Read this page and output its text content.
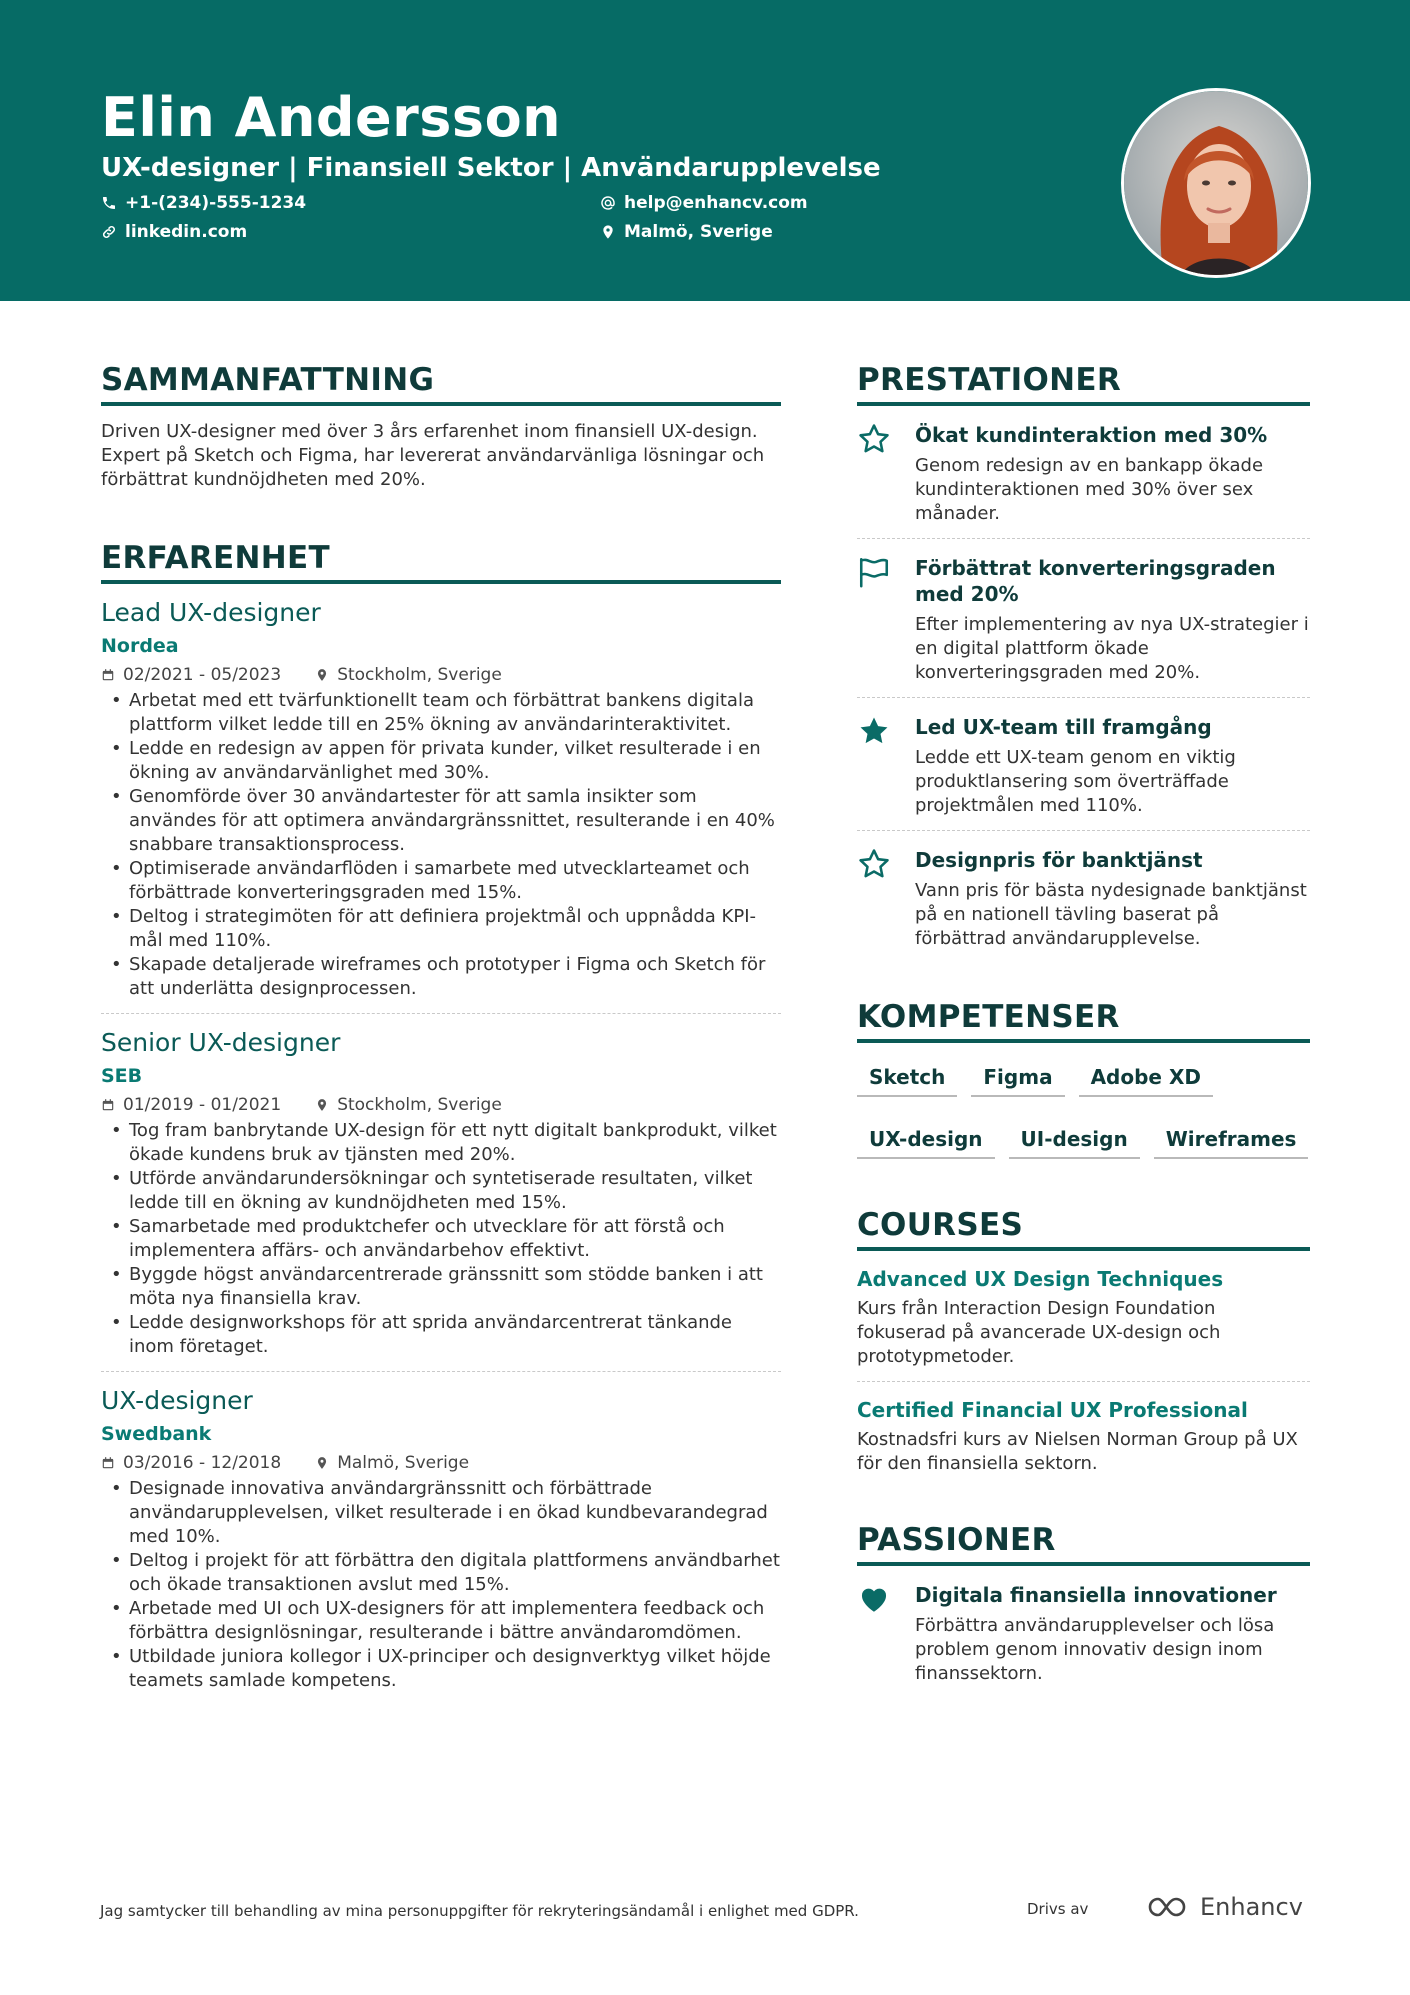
Elin Andersson
UX-designer | Finansiell Sektor | Användarupplevelse
+1-(234)-555-1234
linkedin.com
help@enhancv.com
Malmö, Sverige
SAMMANFATTNING
Driven UX-designer med över 3 års erfarenhet inom finansiell UX-design. Expert på Sketch och Figma, har levererat användarvänliga lösningar och förbättrat kundnöjdheten med 20%.
ERFARENHET
Lead UX-designer
Nordea
02/2021 - 05/2023	Stockholm, Sverige
• Arbetat med ett tvärfunktionellt team och förbättrat bankens digitala plattform vilket ledde till en 25% ökning av användarinteraktivitet.
• Ledde en redesign av appen för privata kunder, vilket resulterade i en ökning av användarvänlighet med 30%.
• Genomförde över 30 användartester för att samla insikter som användes för att optimera användargränssnittet, resulterande i en 40% snabbare transaktionsprocess.
• Optimiserade användarflöden i samarbete med utvecklarteamet och förbättrade konverteringsgraden med 15%.
• Deltog i strategimöten för att definiera projektmål och uppnådda KPI-mål med 110%.
• Skapade detaljerade wireframes och prototyper i Figma och Sketch för att underlätta designprocessen.
Senior UX-designer
SEB
01/2019 - 01/2021	Stockholm, Sverige
• Tog fram banbrytande UX-design för ett nytt digitalt bankprodukt, vilket ökade kundens bruk av tjänsten med 20%.
• Utförde användarundersökningar och syntetiserade resultaten, vilket ledde till en ökning av kundnöjdheten med 15%.
• Samarbetade med produktchefer och utvecklare för att förstå och implementera affärs- och användarbehov effektivt.
• Byggde högst användarcentrerade gränssnitt som stödde banken i att möta nya finansiella krav.
• Ledde designworkshops för att sprida användarcentrerat tänkande inom företaget.
UX-designer
Swedbank
03/2016 - 12/2018	Malmö, Sverige
• Designade innovativa användargränssnitt och förbättrade användarupplevelsen, vilket resulterade i en ökad kundbevarandegrad med 10%.
• Deltog i projekt för att förbättra den digitala plattformens användbarhet och ökade transaktionen avslut med 15%.
• Arbetade med UI och UX-designers för att implementera feedback och förbättra designlösningar, resulterande i bättre användaromdömen.
• Utbildade juniora kollegor i UX-principer och designverktyg vilket höjde teamets samlade kompetens.
PRESTATIONER
Ökat kundinteraktion med 30%
Genom redesign av en bankapp ökade kundinteraktionen med 30% över sex månader.
Förbättrat konverteringsgraden med 20%
Efter implementering av nya UX-strategier i en digital plattform ökade konverteringsgraden med 20%.
Led UX-team till framgång
Ledde ett UX-team genom en viktig produktlansering som överträffade projektmålen med 110%.
Designpris för banktjänst
Vann pris för bästa nydesignade banktjänst på en nationell tävling baserat på förbättrad användarupplevelse.
KOMPETENSER
Sketch	Figma	Adobe XD
UX-design	UI-design	Wireframes
COURSES
Advanced UX Design Techniques
Kurs från Interaction Design Foundation fokuserad på avancerade UX-design och prototypmetoder.
Certified Financial UX Professional
Kostnadsfri kurs av Nielsen Norman Group på UX för den finansiella sektorn.
PASSIONER
Digitala finansiella innovationer
Förbättra användarupplevelser och lösa problem genom innovativ design inom finanssektorn.
Jag samtycker till behandling av mina personuppgifter för rekryteringsändamål i enlighet med GDPR.	Drivs av	Enhancv
